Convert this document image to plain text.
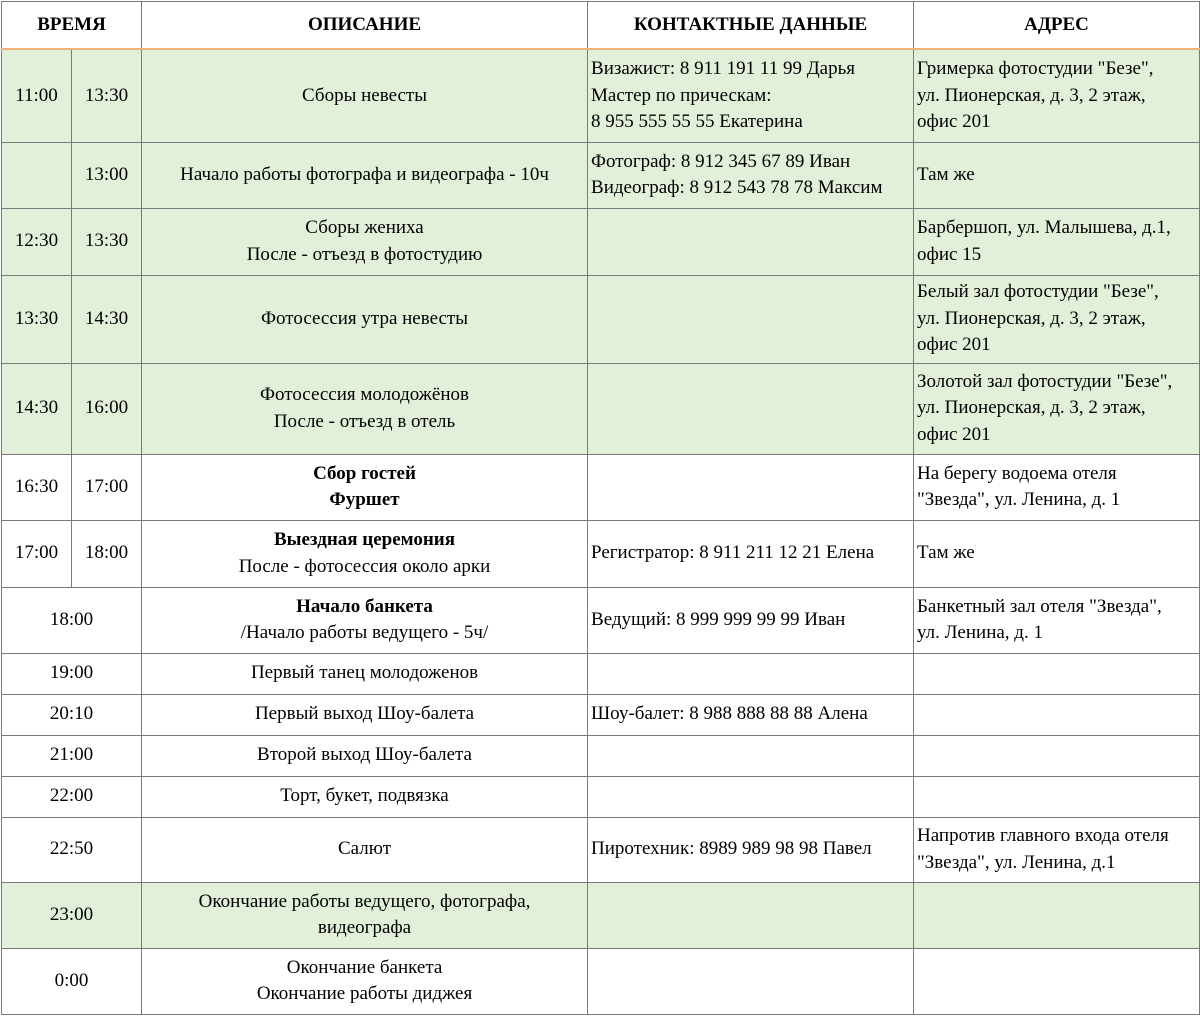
ВРЕМЯ		ОПИСАНИЕ	КОНТАКТНЫЕ ДАННЫЕ	АДРЕС
11:00	13:30	Сборы невесты	Визажист: 8 911 191 11 99 Дарья
Мастер по прическам:
8 955 555 55 55 Екатерина	Гримерка фотостудии "Безе",
ул. Пионерская, д. 3, 2 этаж,
офис 201

	13:00	Начало работы фотографа и видеографа - 10ч	Фотограф: 8 912 345 67 89 Иван
Видеограф: 8 912 543 78 78 Максим	Там же

12:30	13:30	Сборы жениха
После - отъезд в фотостудию		Барбершоп, ул. Малышева, д.1,
офис 15

13:30	14:30	Фотосессия утра невесты		Белый зал фотостудии "Безе",
ул. Пионерская, д. 3, 2 этаж,
офис 201

14:30	16:00	Фотосессия молодожёнов
После - отъезд в отель		Золотой зал фотостудии "Безе",
ул. Пионерская, д. 3, 2 этаж,
офис 201

16:30	17:00	Сбор гостей
Фуршет		На берегу водоема отеля
"Звезда", ул. Ленина, д. 1

17:00	18:00	Выездная церемония
После - фотосессия около арки	Регистратор: 8 911 211 12 21 Елена	Там же

18:00		Начало банкета
/Начало работы ведущего - 5ч/	Ведущий: 8 999 999 99 99 Иван	Банкетный зал отеля "Звезда",
ул. Ленина, д. 1

19:00		Первый танец молодоженов		

20:10		Первый выход Шоу-балета	Шоу-балет: 8 988 888 88 88 Алена	

21:00		Второй выход Шоу-балета		

22:00		Торт, букет, подвязка		

22:50		Салют	Пиротехник: 8989 989 98 98 Павел	Напротив главного входа отеля
"Звезда", ул. Ленина, д.1

23:00		Окончание работы ведущего, фотографа,
видеографа		

0:00		Окончание банкета
Окончание работы диджея		
